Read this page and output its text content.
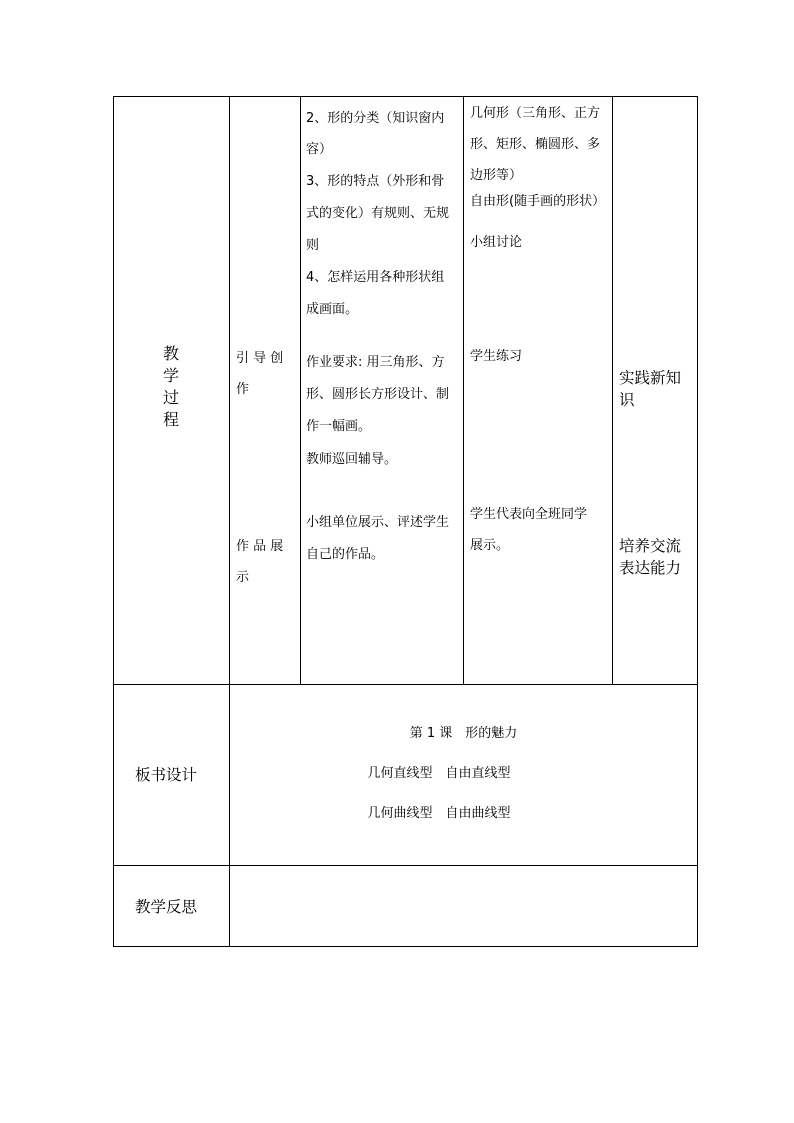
教
学
过
程
引 导 创
作
作 品 展
示
2、形的分类（知识窗内
容）
3、形的特点（外形和骨
式的变化）有规则、无规
则
4、怎样运用各种形状组
成画面。
作业要求: 用三角形、方
形、圆形长方形设计、制
作一幅画。
教师巡回辅导。
小组单位展示、评述学生
自己的作品。
几何形（三角形、正方
形、矩形、椭圆形、多
边形等）
自由形(随手画的形状）
小组讨论
学生练习
学生代表向全班同学
展示。
实践新知
识
培养交流
表达能力
板书设计
第 1 课　形的魅力
几何直线型　自由直线型
几何曲线型　自由曲线型
教学反思
